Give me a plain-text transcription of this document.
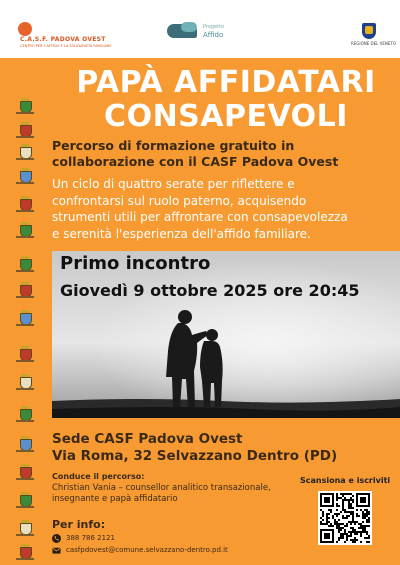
C.A.S.F. PADOVA OVEST
CENTRO PER L'AFFIDO E LA SOLIDARIETÀ FAMILIARE
Progetto
Affido
REGIONE DEL VENETO
PAPÀ AFFIDATARI CONSAPEVOLI

Percorso di formazione gratuito in collaborazione con il CASF Padova Ovest

Un ciclo di quattro serate per riflettere e confrontarsi sul ruolo paterno, acquisendo strumenti utili per affrontare con consapevolezza e serenità l'esperienza dell'affido familiare.

Primo incontro
Giovedì 9 ottobre 2025 ore 20:45
Sede CASF Padova Ovest
Via Roma, 32 Selvazzano Dentro (PD)
Conduce il percorso:
Christian Vania – counsellor analitico transazionale, insegnante e papà affidatario
Per info:
388 786 2121
casfpdovest@comune.selvazzano-dentro.pd.it
Scansiona e iscriviti
